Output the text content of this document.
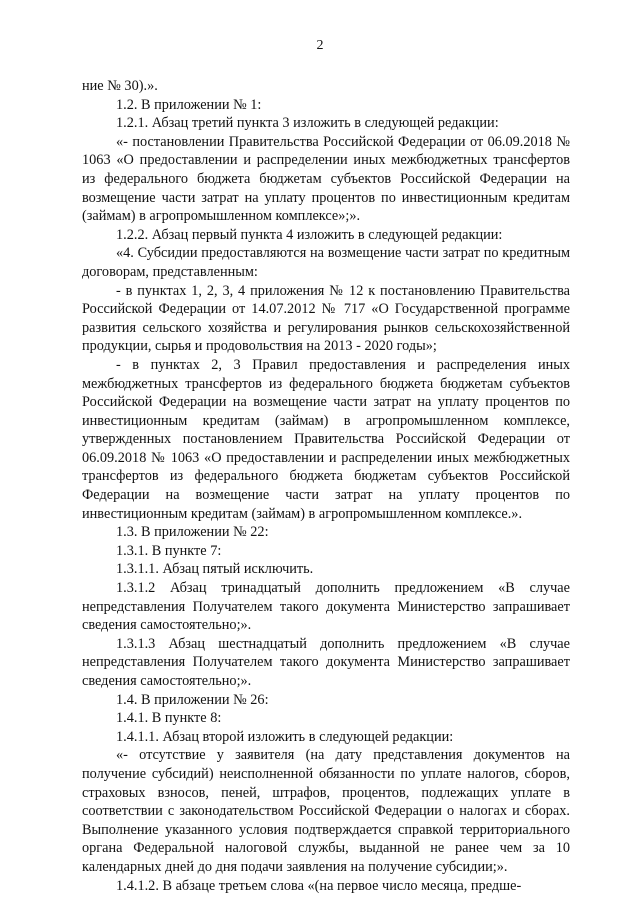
2

ние № 30).».

1.2. В приложении № 1:

1.2.1. Абзац третий пункта 3 изложить в следующей редакции:

«- постановлении Правительства Российской Федерации от 06.09.2018 № 1063 «О предоставлении и распределении иных межбюджетных трансфертов из федерального бюджета бюджетам субъектов Российской Федерации на возмещение части затрат на уплату процентов по инвестиционным кредитам (займам) в агропромышленном комплексе»;».

1.2.2. Абзац первый пункта 4 изложить в следующей редакции:

«4. Субсидии предоставляются на возмещение части затрат по кредитным договорам, представленным:

- в пунктах 1, 2, 3, 4 приложения № 12 к постановлению Правительства Российской Федерации от 14.07.2012 № 717 «О Государственной программе развития сельского хозяйства и регулирования рынков сельскохозяйственной продукции, сырья и продовольствия на 2013 - 2020 годы»;

- в пунктах 2, 3 Правил предоставления и распределения иных межбюджетных трансфертов из федерального бюджета бюджетам субъектов Российской Федерации на возмещение части затрат на уплату процентов по инвестиционным кредитам (займам) в агропромышленном комплексе, утвержденных постановлением Правительства Российской Федерации от 06.09.2018 № 1063 «О предоставлении и распределении иных межбюджетных трансфертов из федерального бюджета бюджетам субъектов Российской Федерации на возмещение части затрат на уплату процентов по инвестиционным кредитам (займам) в агропромышленном комплексе.».

1.3. В приложении № 22:

1.3.1. В пункте 7:

1.3.1.1. Абзац пятый исключить.

1.3.1.2 Абзац тринадцатый дополнить предложением «В случае непредставления Получателем такого документа Министерство запрашивает сведения самостоятельно;».

1.3.1.3 Абзац шестнадцатый дополнить предложением «В случае непредставления Получателем такого документа Министерство запрашивает сведения самостоятельно;».

1.4. В приложении № 26:

1.4.1. В пункте 8:

1.4.1.1. Абзац второй изложить в следующей редакции:

«- отсутствие у заявителя (на дату представления документов на получение субсидий) неисполненной обязанности по уплате налогов, сборов, страховых взносов, пеней, штрафов, процентов, подлежащих уплате в соответствии с законодательством Российской Федерации о налогах и сборах. Выполнение указанного условия подтверждается справкой территориального органа Федеральной налоговой службы, выданной не ранее чем за 10 календарных дней до дня подачи заявления на получение субсидии;».

1.4.1.2. В абзаце третьем слова «(на первое число месяца, предше-
